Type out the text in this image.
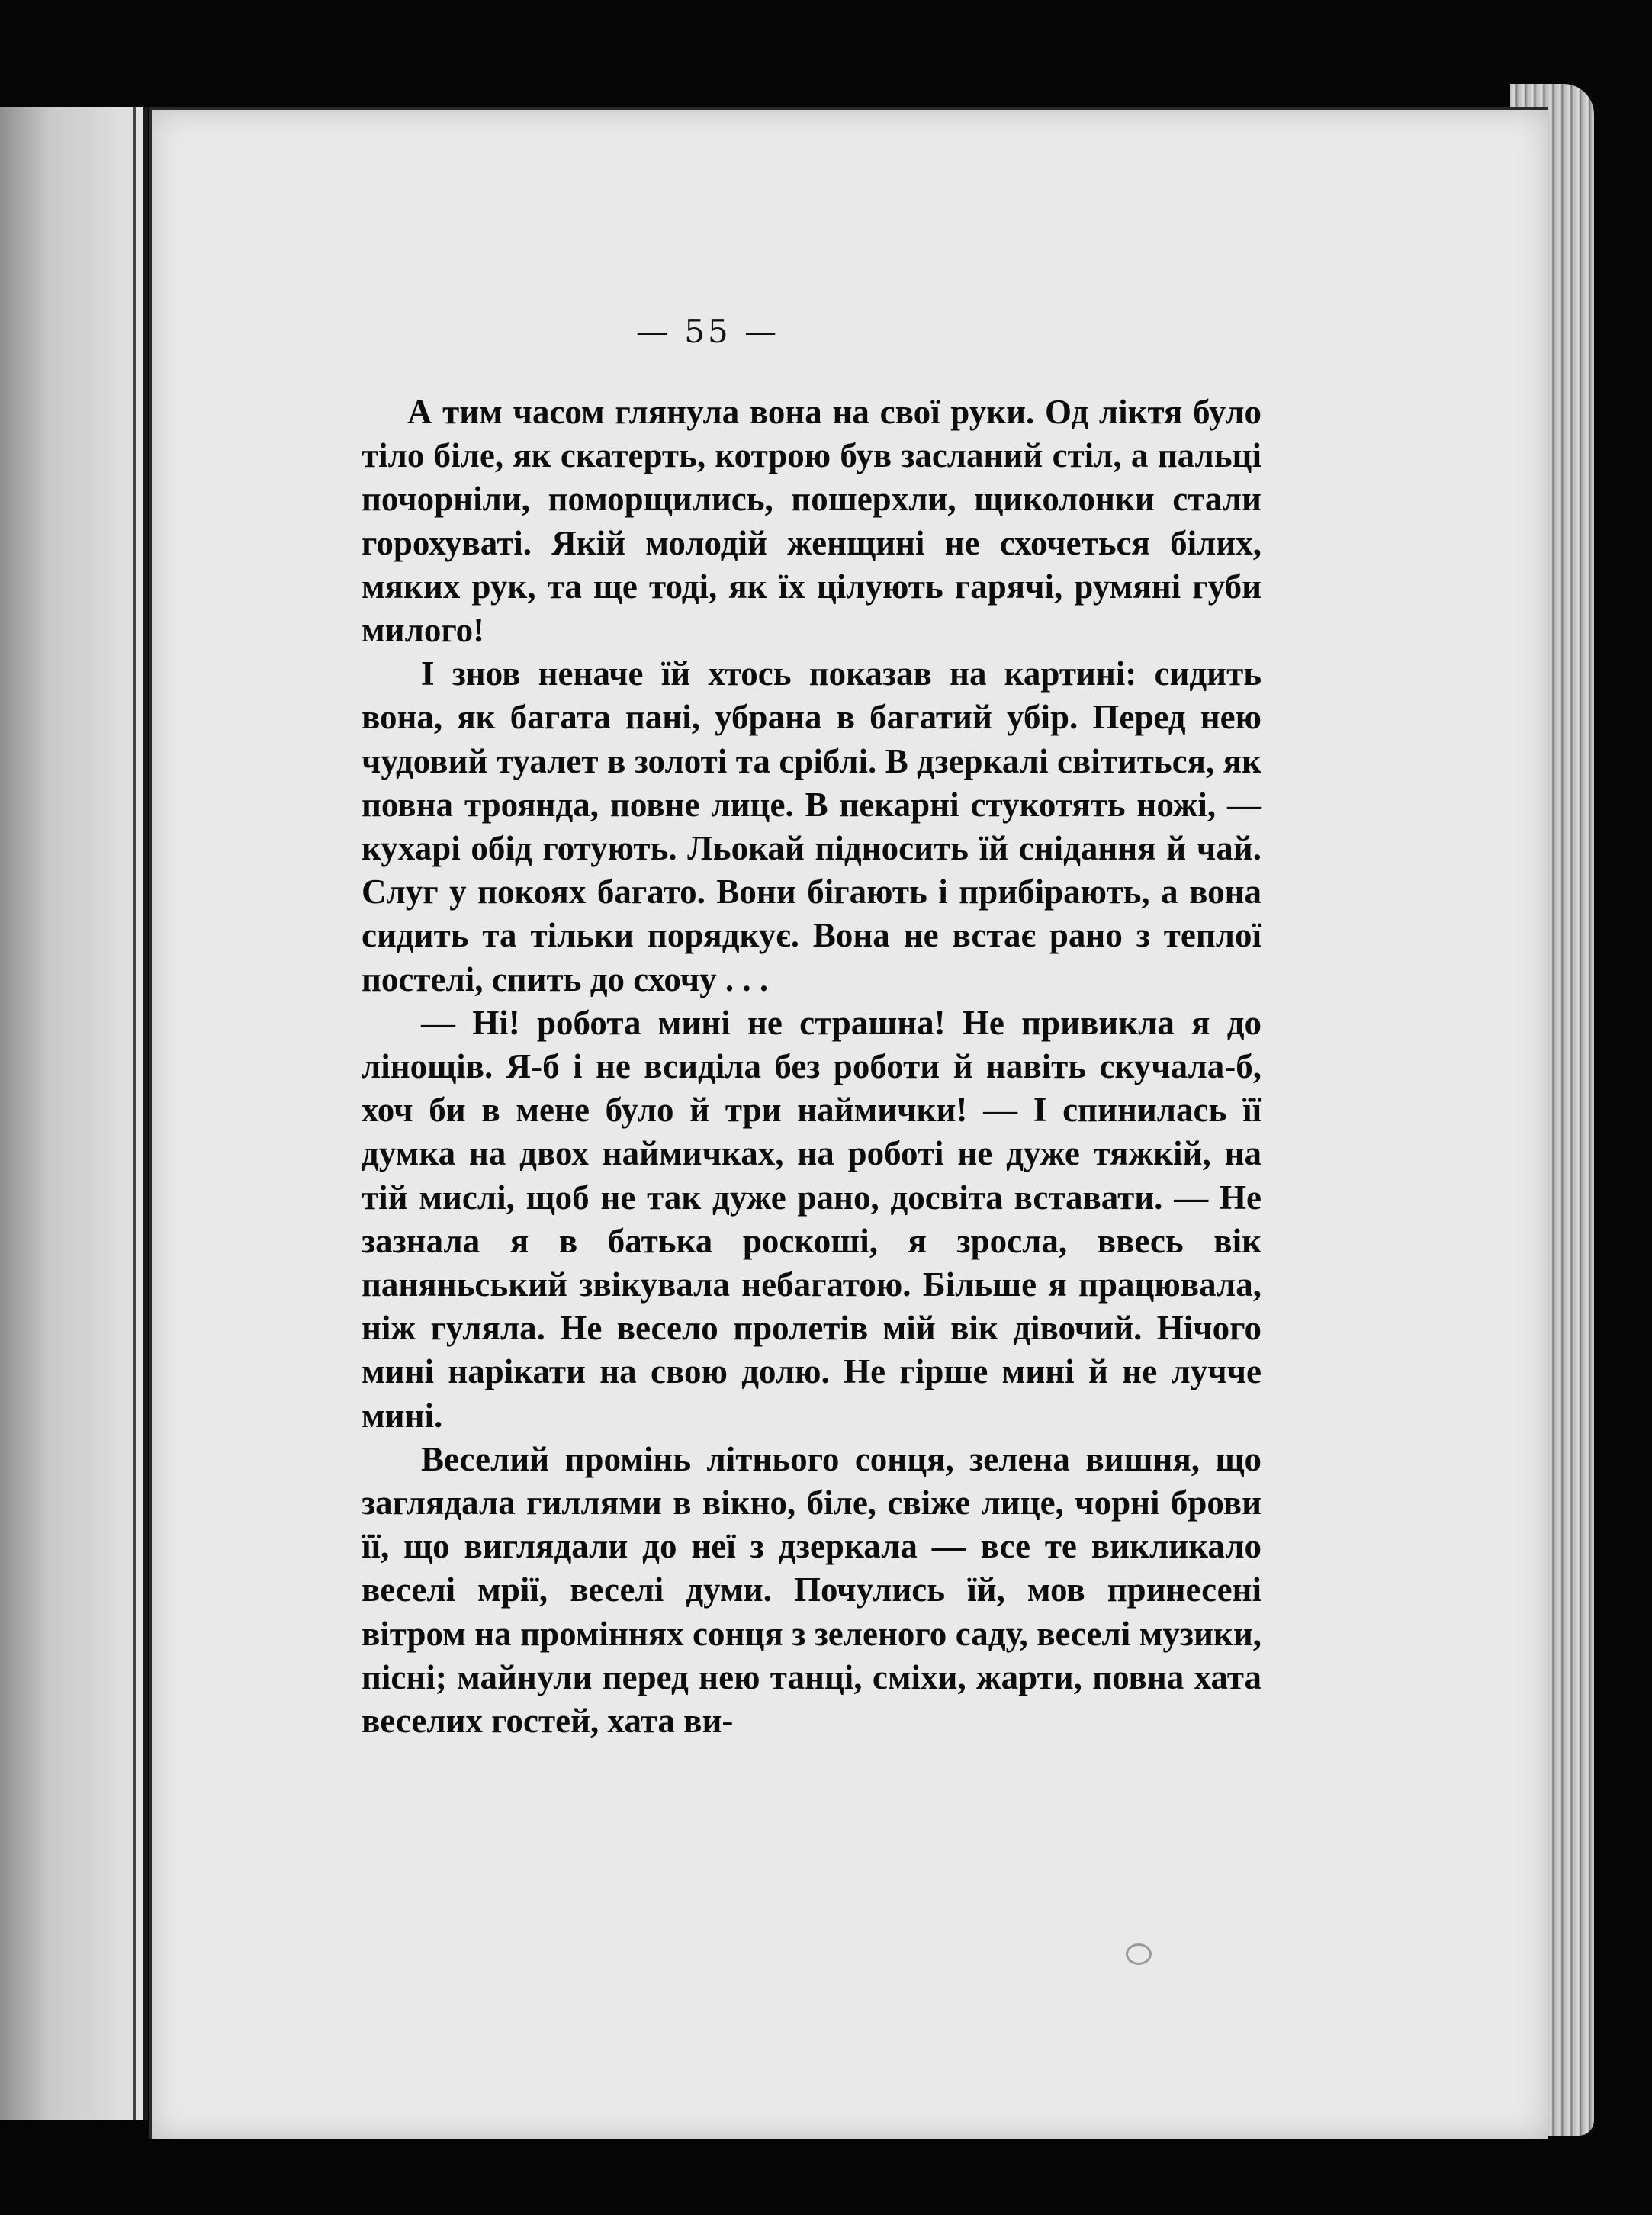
— 55 —

А тим часом глянула вона на свої руки. Од ліктя було тіло біле, як скатерть, котрою був засланий стіл, а пальці почорніли, поморщились, пошерхли, щиколонки стали горохуваті. Якій молодій женщині не схочеться білих, мяких рук, та ще тоді, як їх цілують гарячі, румяні губи милого!

І знов неначе їй хтось показав на картині: сидить вона, як багата пані, убрана в багатий убір. Перед нею чудовий туалет в золоті та сріблі. В дзеркалі світиться, як повна троянда, повне лице. В пекарні стукотять ножі, — кухарі обід готують. Льокай підносить їй снідання й чай. Слуг у покоях багато. Вони бігають і прибірають, а вона сидить та тільки порядкує. Вона не встає рано з теплої постелі, спить до схочу . . .

— Ні! робота мині не страшна! Не привикла я до лінощів. Я-б і не всиділа без роботи й навіть скучала-б, хоч би в мене було й три наймички! — І спинилась її думка на двох наймичках, на роботі не дуже тяжкій, на тій мислі, щоб не так дуже рано, досвіта вставати. — Не зазнала я в батька роскоші, я зросла, ввесь вік паняньський звікувала небагатою. Більше я працювала, ніж гуляла. Не весело пролетів мій вік дівочий. Нічого мині нарікати на свою долю. Не гірше мині й не лучче мині.

Веселий промінь літнього сонця, зелена вишня, що заглядала гиллями в вікно, біле, свіже лице, чорні брови її, що виглядали до неї з дзеркала — все те викликало веселі мрії, веселі думи. Почулись їй, мов принесені вітром на проміннях сонця з зеленого саду, веселі музики, пісні; майнули перед нею танці, сміхи, жарти, повна хата веселих гостей, хата ви-
